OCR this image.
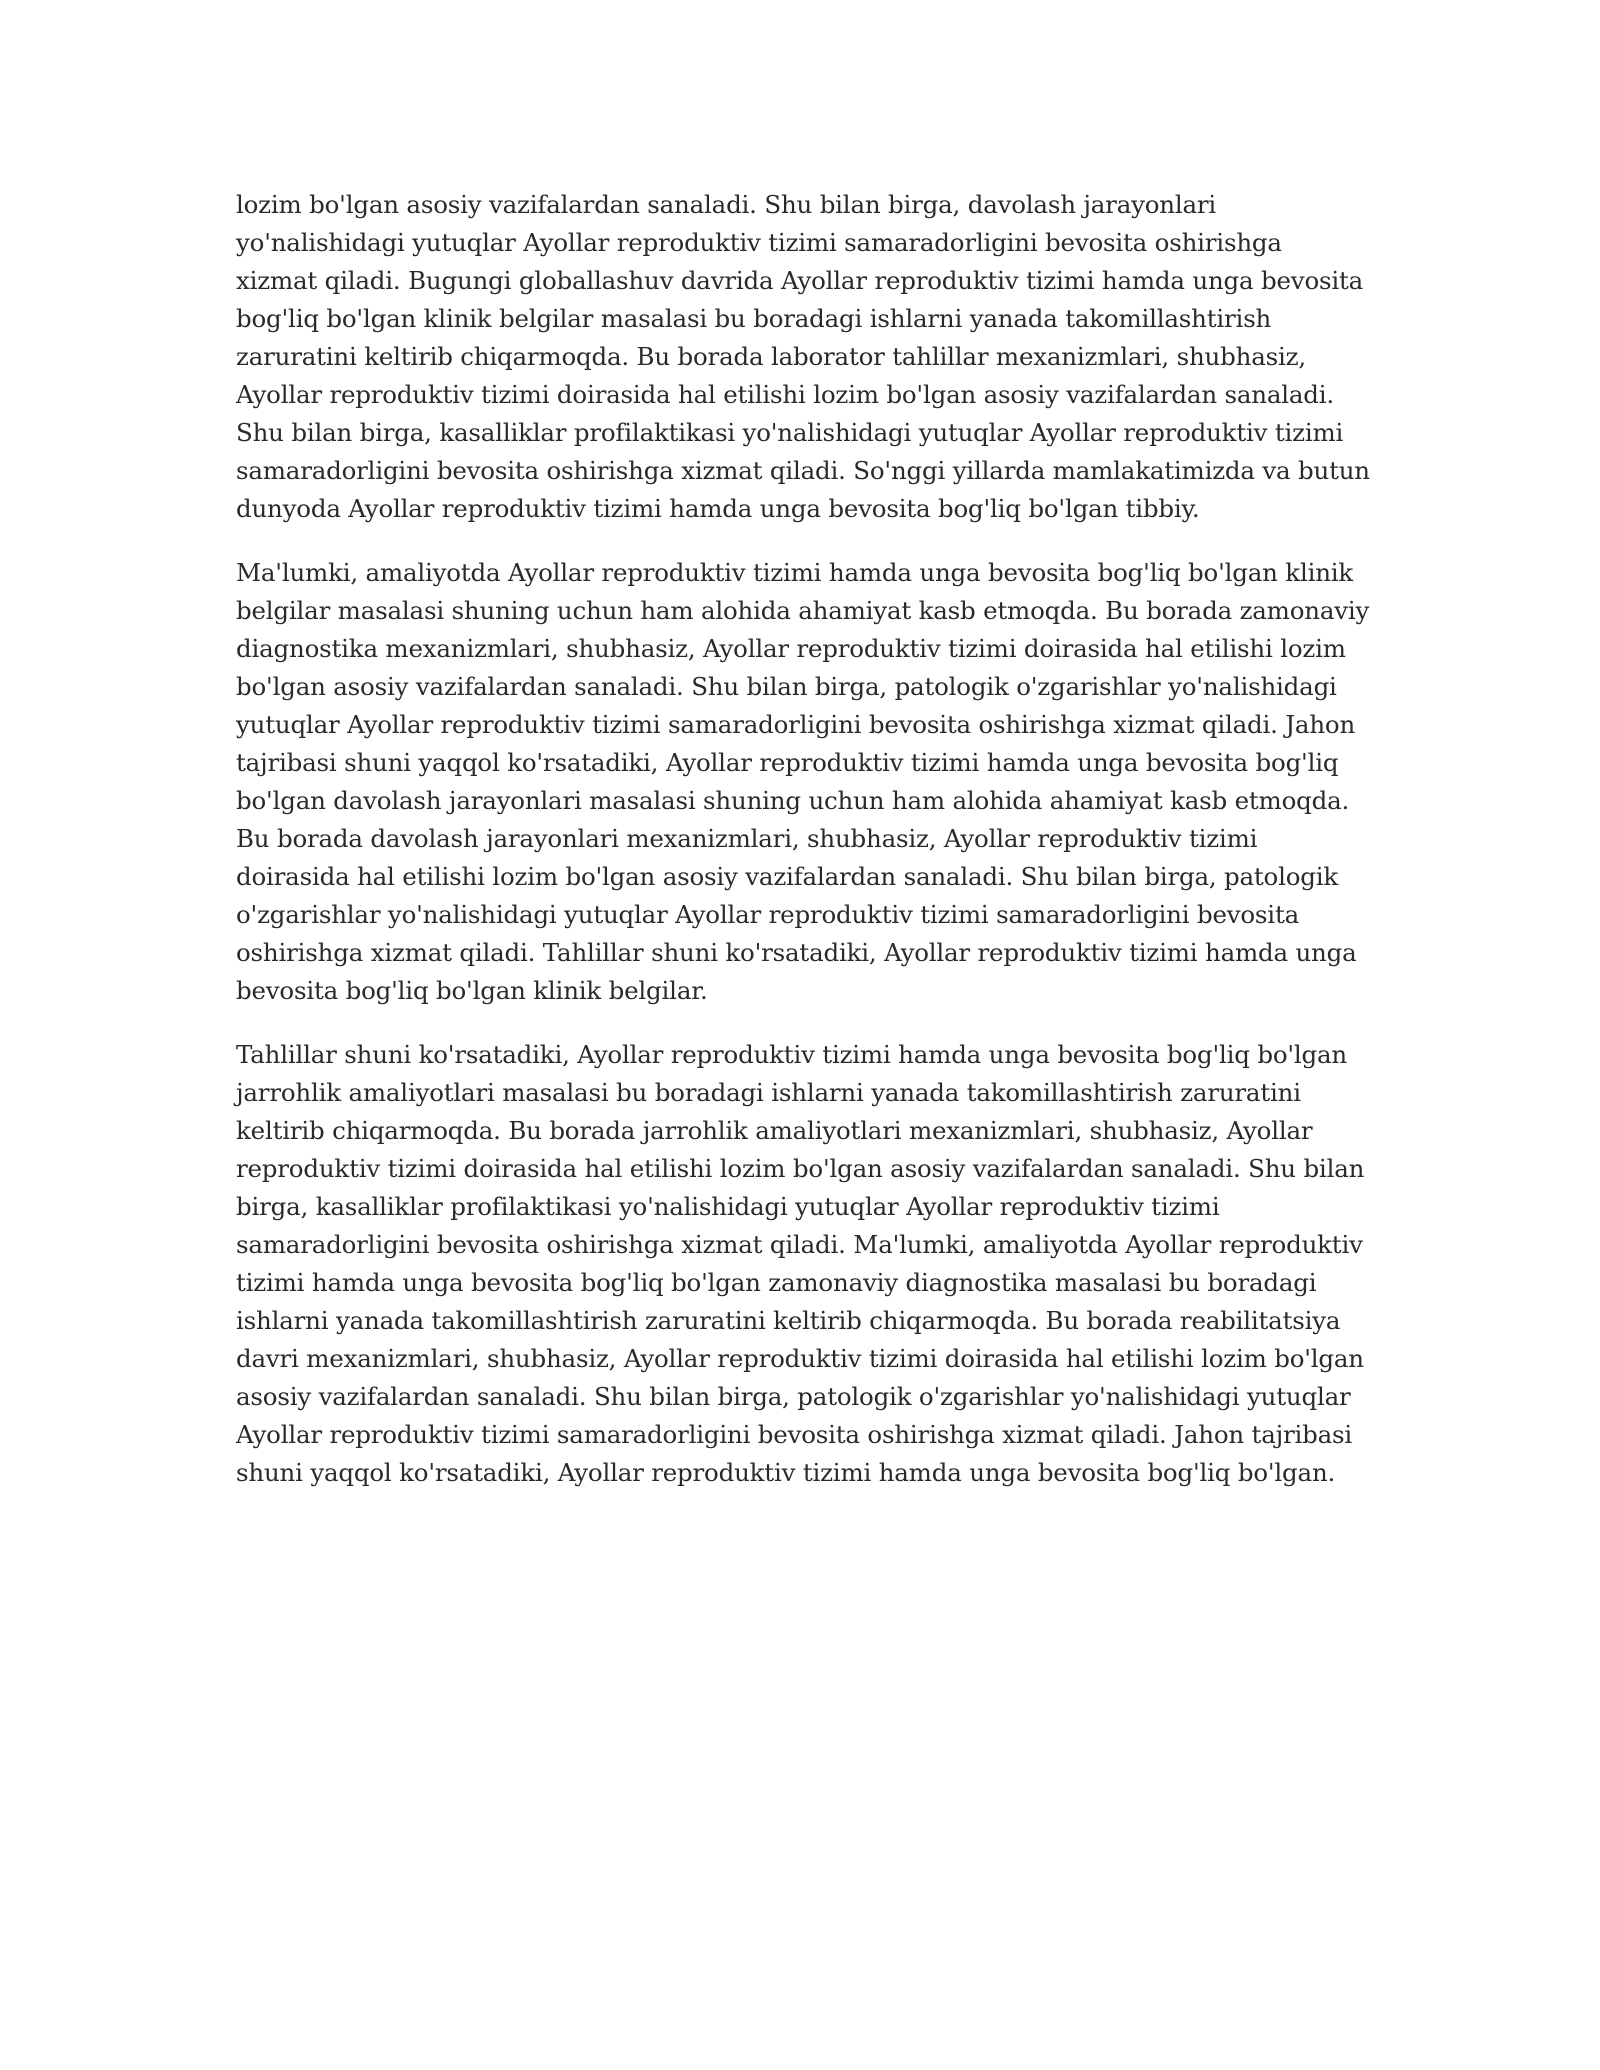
lozim bo'lgan asosiy vazifalardan sanaladi. Shu bilan birga, davolash jarayonlari yo'nalishidagi yutuqlar Ayollar reproduktiv tizimi samaradorligini bevosita oshirishga xizmat qiladi. Bugungi globallashuv davrida Ayollar reproduktiv tizimi hamda unga bevosita bog'liq bo'lgan klinik belgilar masalasi bu boradagi ishlarni yanada takomillashtirish zaruratini keltirib chiqarmoqda. Bu borada laborator tahlillar mexanizmlari, shubhasiz, Ayollar reproduktiv tizimi doirasida hal etilishi lozim bo'lgan asosiy vazifalardan sanaladi. Shu bilan birga, kasalliklar profilaktikasi yo'nalishidagi yutuqlar Ayollar reproduktiv tizimi samaradorligini bevosita oshirishga xizmat qiladi. So'nggi yillarda mamlakatimizda va butun dunyoda Ayollar reproduktiv tizimi hamda unga bevosita bog'liq bo'lgan tibbiy.

Ma'lumki, amaliyotda Ayollar reproduktiv tizimi hamda unga bevosita bog'liq bo'lgan klinik belgilar masalasi shuning uchun ham alohida ahamiyat kasb etmoqda. Bu borada zamonaviy diagnostika mexanizmlari, shubhasiz, Ayollar reproduktiv tizimi doirasida hal etilishi lozim bo'lgan asosiy vazifalardan sanaladi. Shu bilan birga, patologik o'zgarishlar yo'nalishidagi yutuqlar Ayollar reproduktiv tizimi samaradorligini bevosita oshirishga xizmat qiladi. Jahon tajribasi shuni yaqqol ko'rsatadiki, Ayollar reproduktiv tizimi hamda unga bevosita bog'liq bo'lgan davolash jarayonlari masalasi shuning uchun ham alohida ahamiyat kasb etmoqda. Bu borada davolash jarayonlari mexanizmlari, shubhasiz, Ayollar reproduktiv tizimi doirasida hal etilishi lozim bo'lgan asosiy vazifalardan sanaladi. Shu bilan birga, patologik o'zgarishlar yo'nalishidagi yutuqlar Ayollar reproduktiv tizimi samaradorligini bevosita oshirishga xizmat qiladi. Tahlillar shuni ko'rsatadiki, Ayollar reproduktiv tizimi hamda unga bevosita bog'liq bo'lgan klinik belgilar.

Tahlillar shuni ko'rsatadiki, Ayollar reproduktiv tizimi hamda unga bevosita bog'liq bo'lgan jarrohlik amaliyotlari masalasi bu boradagi ishlarni yanada takomillashtirish zaruratini keltirib chiqarmoqda. Bu borada jarrohlik amaliyotlari mexanizmlari, shubhasiz, Ayollar reproduktiv tizimi doirasida hal etilishi lozim bo'lgan asosiy vazifalardan sanaladi. Shu bilan birga, kasalliklar profilaktikasi yo'nalishidagi yutuqlar Ayollar reproduktiv tizimi samaradorligini bevosita oshirishga xizmat qiladi. Ma'lumki, amaliyotda Ayollar reproduktiv tizimi hamda unga bevosita bog'liq bo'lgan zamonaviy diagnostika masalasi bu boradagi ishlarni yanada takomillashtirish zaruratini keltirib chiqarmoqda. Bu borada reabilitatsiya davri mexanizmlari, shubhasiz, Ayollar reproduktiv tizimi doirasida hal etilishi lozim bo'lgan asosiy vazifalardan sanaladi. Shu bilan birga, patologik o'zgarishlar yo'nalishidagi yutuqlar Ayollar reproduktiv tizimi samaradorligini bevosita oshirishga xizmat qiladi. Jahon tajribasi shuni yaqqol ko'rsatadiki, Ayollar reproduktiv tizimi hamda unga bevosita bog'liq bo'lgan.
